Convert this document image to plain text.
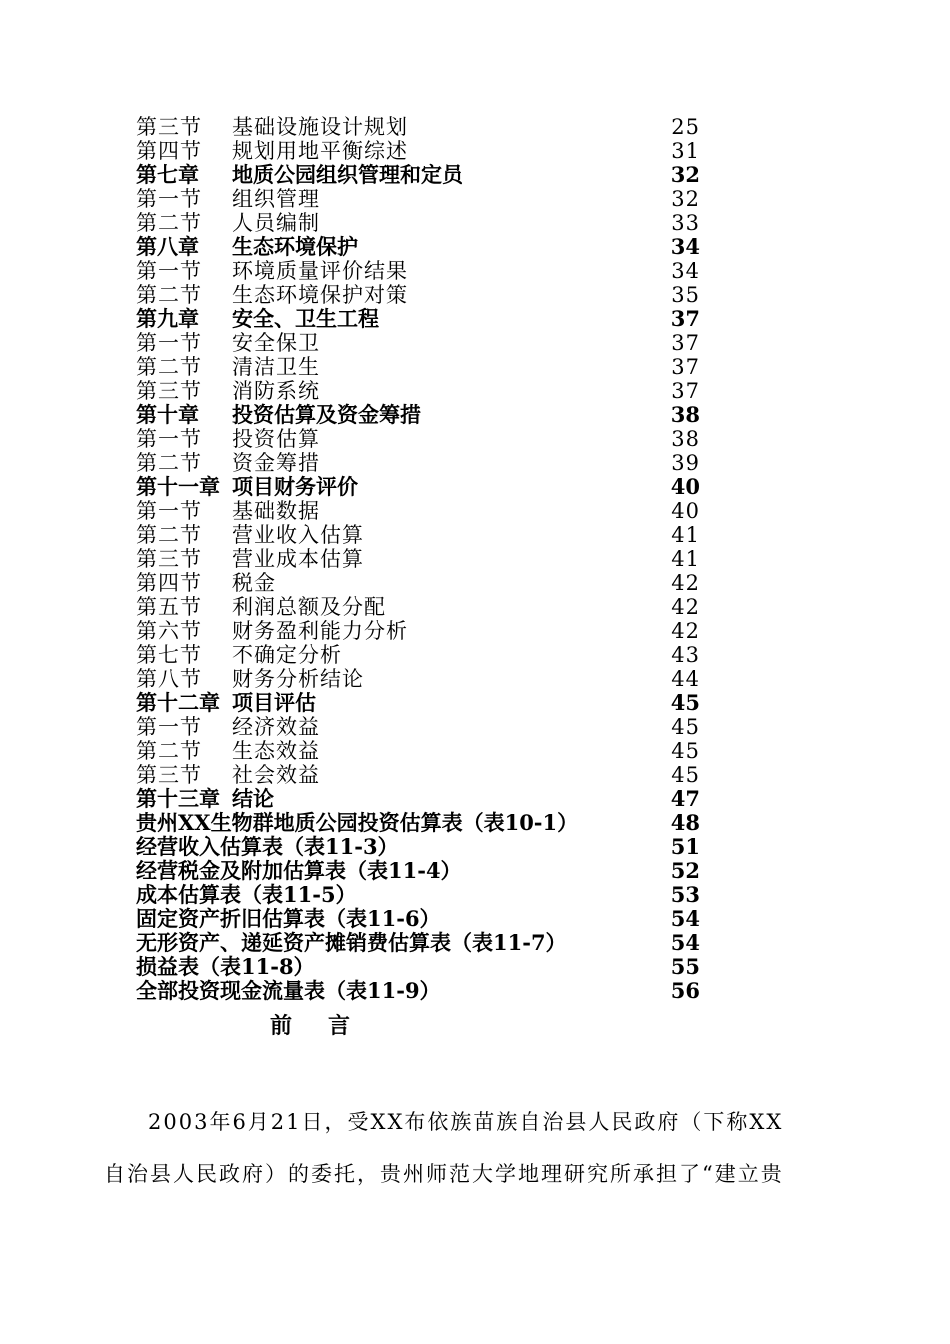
第三节 基础设施设计规划	25
第四节 规划用地平衡综述	31
第七章 地质公园组织管理和定员	32
第一节 组织管理	32
第二节 人员编制	33
第八章 生态环境保护	34
第一节 环境质量评价结果	34
第二节 生态环境保护对策	35
第九章 安全、卫生工程	37
第一节 安全保卫	37
第二节 清洁卫生	37
第三节 消防系统	37
第十章 投资估算及资金筹措	38
第一节 投资估算	38
第二节 资金筹措	39
第十一章 项目财务评价	40
第一节 基础数据	40
第二节 营业收入估算	41
第三节 营业成本估算	41
第四节 税金	42
第五节 利润总额及分配	42
第六节 财务盈利能力分析	42
第七节 不确定分析	43
第八节 财务分析结论	44
第十二章 项目评估	45
第一节 经济效益	45
第二节 生态效益	45
第三节 社会效益	45
第十三章 结论	47
贵州XX生物群地质公园投资估算表（表10-1）	48
经营收入估算表（表11-3）	51
经营税金及附加估算表（表11-4）	52
成本估算表（表11-5）	53
固定资产折旧估算表（表11-6）	54
无形资产、递延资产摊销费估算表（表11-7）	54
损益表（表11-8）	55
全部投资现金流量表（表11-9）	56
前言

2003年6月21日，受XX布依族苗族自治县人民政府（下称XX

自治县人民政府）的委托，贵州师范大学地理研究所承担了“建立贵
